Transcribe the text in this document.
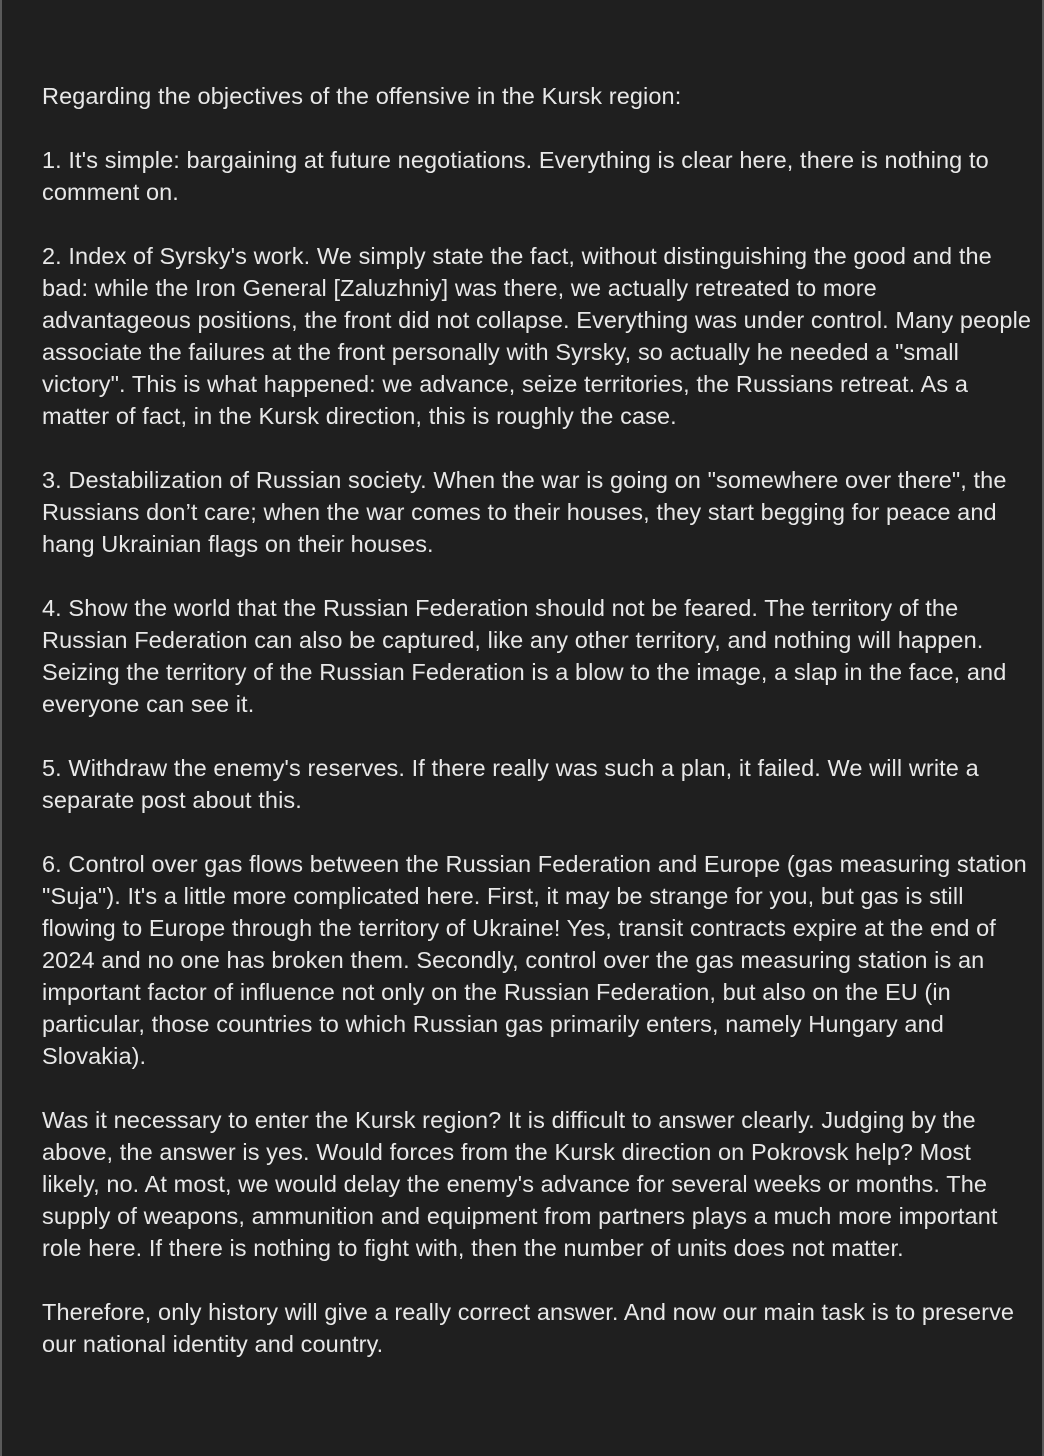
Regarding the objectives of the offensive in the Kursk region:

1. It's simple: bargaining at future negotiations. Everything is clear here, there is nothing to comment on.

2. Index of Syrsky's work. We simply state the fact, without distinguishing the good and the bad: while the Iron General [Zaluzhniy] was there, we actually retreated to more advantageous positions, the front did not collapse. Everything was under control. Many people associate the failures at the front personally with Syrsky, so actually he needed a "small victory". This is what happened: we advance, seize territories, the Russians retreat. As a matter of fact, in the Kursk direction, this is roughly the case.

3. Destabilization of Russian society. When the war is going on "somewhere over there", the Russians don’t care; when the war comes to their houses, they start begging for peace and hang Ukrainian flags on their houses.

4. Show the world that the Russian Federation should not be feared. The territory of the Russian Federation can also be captured, like any other territory, and nothing will happen. Seizing the territory of the Russian Federation is a blow to the image, a slap in the face, and everyone can see it.

5. Withdraw the enemy's reserves. If there really was such a plan, it failed. We will write a separate post about this.

6. Control over gas flows between the Russian Federation and Europe (gas measuring station "Suja"). It's a little more complicated here. First, it may be strange for you, but gas is still flowing to Europe through the territory of Ukraine! Yes, transit contracts expire at the end of 2024 and no one has broken them. Secondly, control over the gas measuring station is an important factor of influence not only on the Russian Federation, but also on the EU (in particular, those countries to which Russian gas primarily enters, namely Hungary and Slovakia).

Was it necessary to enter the Kursk region? It is difficult to answer clearly. Judging by the above, the answer is yes. Would forces from the Kursk direction on Pokrovsk help? Most likely, no. At most, we would delay the enemy's advance for several weeks or months. The supply of weapons, ammunition and equipment from partners plays a much more important role here. If there is nothing to fight with, then the number of units does not matter.

Therefore, only history will give a really correct answer. And now our main task is to preserve our national identity and country.
